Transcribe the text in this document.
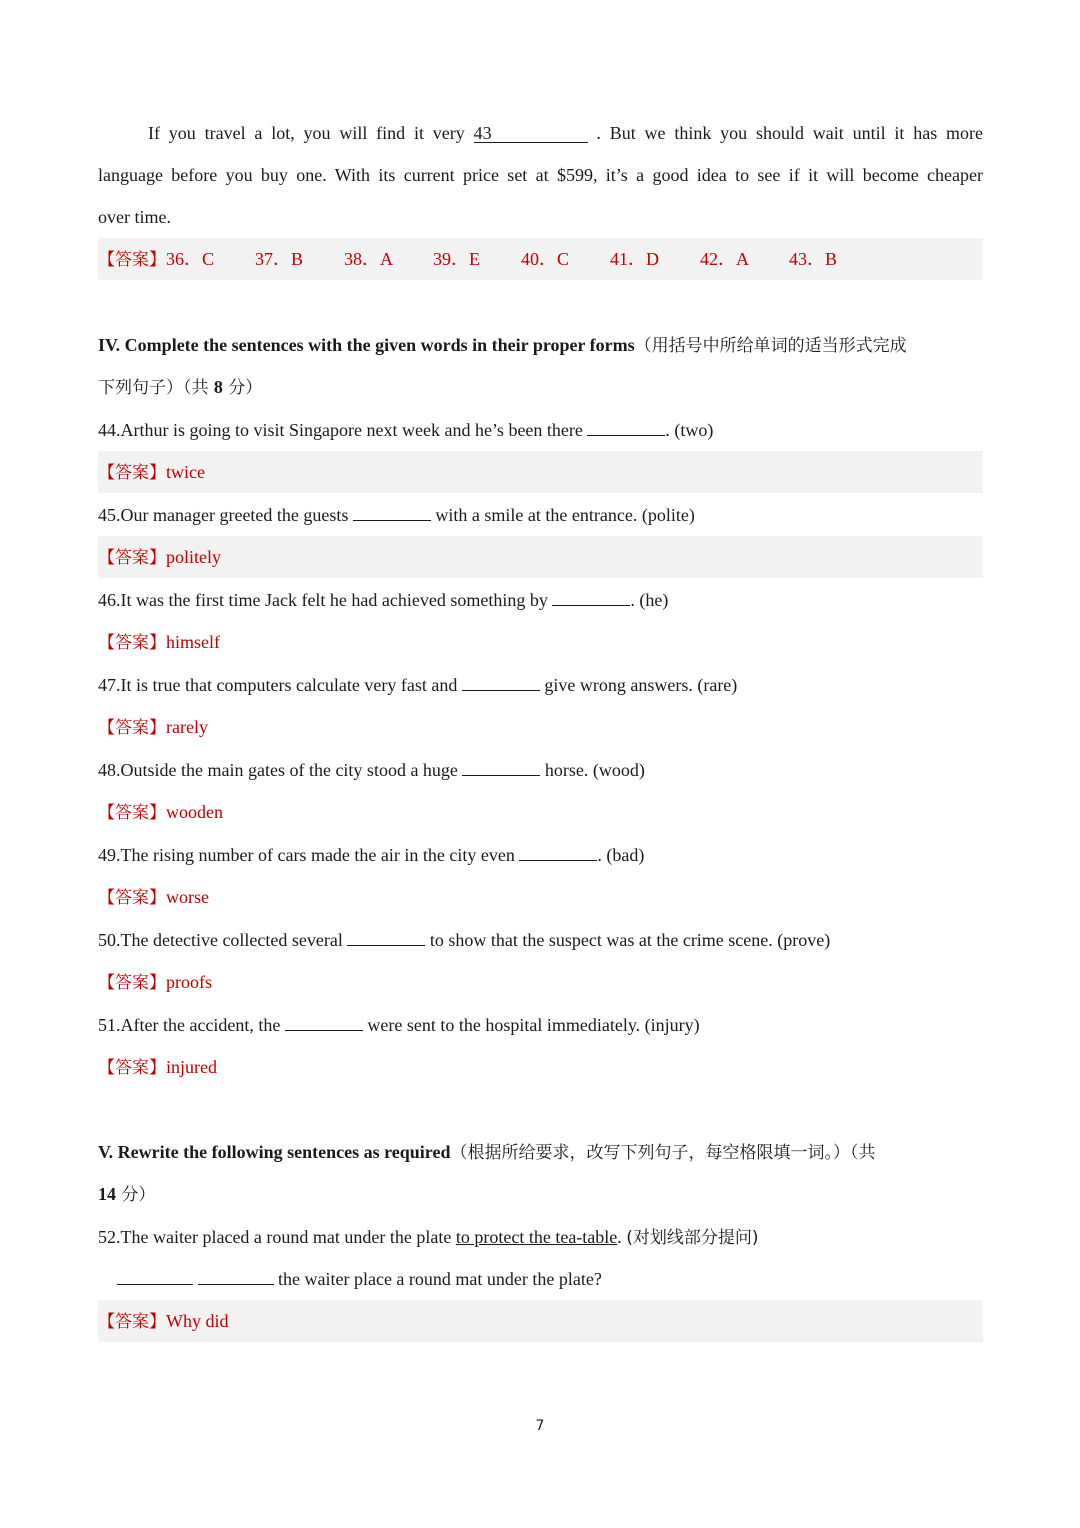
If you travel a lot, you will find it very 43	. But we think you should wait until it has more
language before you buy one. With its current price set at $599, it’s a good idea to see if it will become cheaper
over time.
【答案】36．C 37．B 38．A 39．E 40．C 41．D 42．A 43．B
IV. Complete the sentences with the given words in their proper forms（用括号中所给单词的适当形式完成
下列句子）（共 8 分）
44.Arthur is going to visit Singapore next week and he’s been there	. (two)
【答案】twice
45.Our manager greeted the guests	with a smile at the entrance. (polite)
【答案】politely
46.It was the first time Jack felt he had achieved something by	. (he)
【答案】himself
47.It is true that computers calculate very fast and	give wrong answers. (rare)
【答案】rarely
48.Outside the main gates of the city stood a huge	horse. (wood)
【答案】wooden
49.The rising number of cars made the air in the city even	. (bad)
【答案】worse
50.The detective collected several	to show that the suspect was at the crime scene. (prove)
【答案】proofs
51.After the accident, the	were sent to the hospital immediately. (injury)
【答案】injured
V. Rewrite the following sentences as required（根据所给要求，改写下列句子，每空格限填一词。）（共
14 分）
52.The waiter placed a round mat under the plate to protect the tea-table. (对划线部分提问)
the waiter place a round mat under the plate?
【答案】Why did
7
